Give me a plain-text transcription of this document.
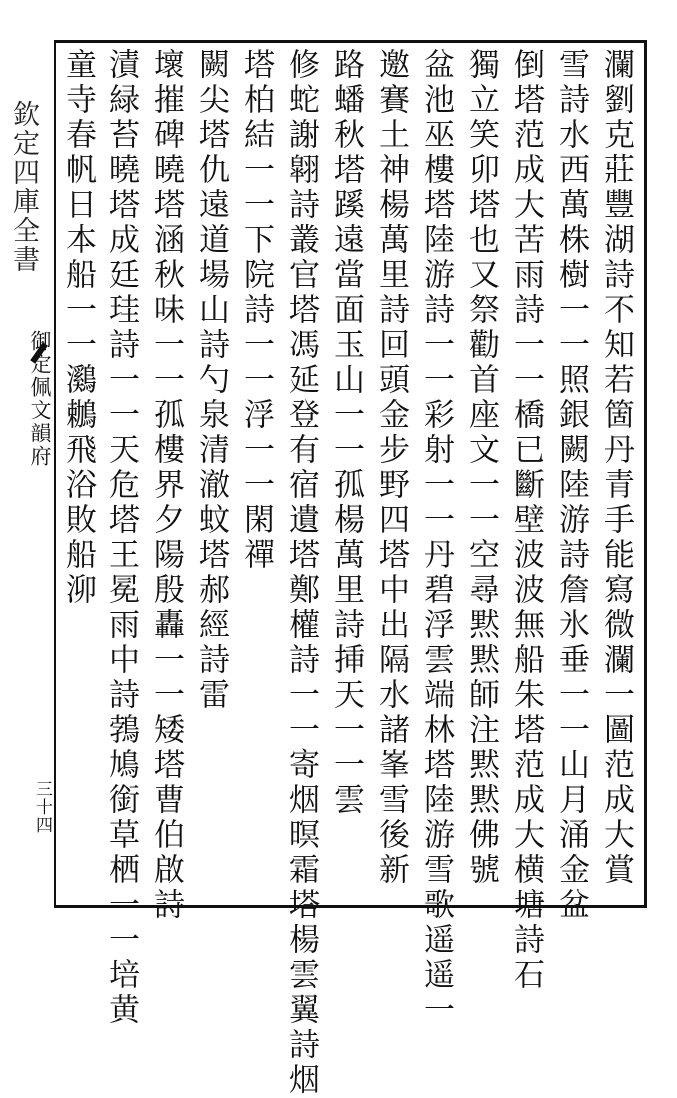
欽定四庫全書
御定佩文韻府
三十四	瀾劉克莊豐湖詩不知若箇丹青手能寫微瀾一圖范成大賞
雪詩水西萬株樹一一照銀闕陸游詩詹氷垂一一山月涌金盆
倒塔范成大苦雨詩一一橋已斷壁波波無船朱塔范成大横塘詩石
獨立笑卯塔也又祭勸首座文一一空尋黙黙師注黙黙佛號
盆池巫樓塔陸游詩一一彩射一一丹碧浮雲端林塔陸游雪歌遥遥一
邀賽土神楊萬里詩回頭金步野四塔中出隔水諸峯雪後新
路蟠秋塔蹊遠當面玉山一一孤楊萬里詩挿天一一雲
修蛇謝翶詩叢官塔馮延登有宿遺塔鄭權詩一一寄烟暝霜塔楊雲翼詩烟
塔柏結一一下院詩一一浮一一閑禪
闕尖塔仇遠道場山詩勺泉清澈蚊塔郝經詩雷
壞摧碑曉塔涵秋味一一孤樓界夕陽殷轟一一矮塔曹伯啟詩
漬緑苔曉塔成廷珪詩一一天危塔王冕雨中詩鵓鳩銜草栖一一培黄
童寺春帆日本船一一鸂鶒飛浴敗船泖
